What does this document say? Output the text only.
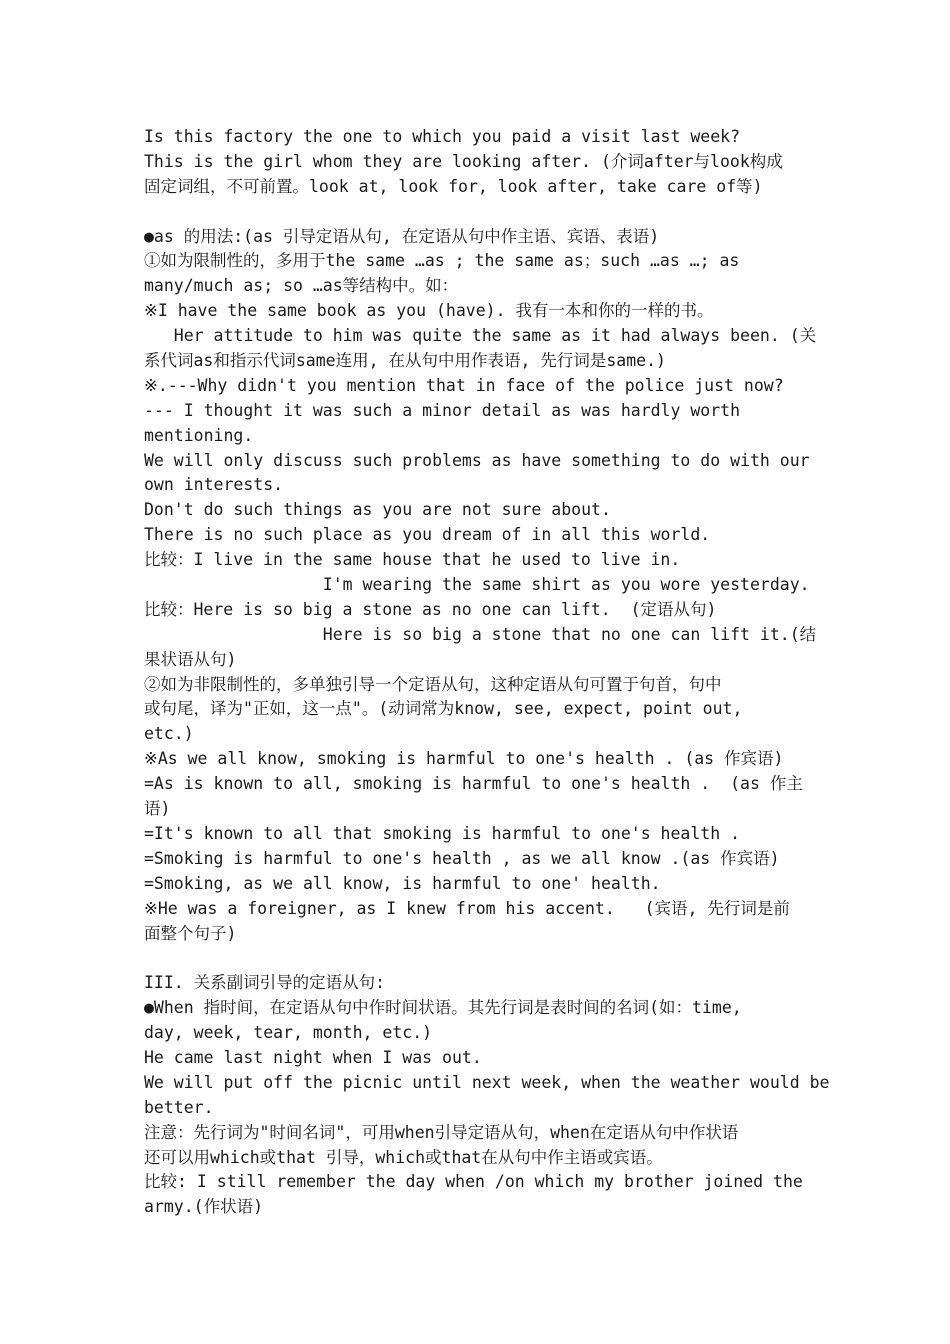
Is this factory the one to which you paid a visit last week?
This is the girl whom they are looking after. (介词after与look构成
固定词组，不可前置。look at, look for, look after, take care of等)
●as 的用法:(as 引导定语从句, 在定语从句中作主语、宾语、表语)
①如为限制性的，多用于the same …as ; the same as；such …as …; as
many/much as; so …as等结构中。如：
※I have the same book as you (have). 我有一本和你的一样的书。
Her attitude to him was quite the same as it had always been. (关
系代词as和指示代词same连用, 在从句中用作表语, 先行词是same.)
※.---Why didn't you mention that in face of the police just now?
--- I thought it was such a minor detail as was hardly worth
mentioning.
We will only discuss such problems as have something to do with our
own interests.
Don't do such things as you are not sure about.
There is no such place as you dream of in all this world.
比较：I live in the same house that he used to live in.
I'm wearing the same shirt as you wore yesterday.
比较：Here is so big a stone as no one can lift.  (定语从句)
Here is so big a stone that no one can lift it.(结
果状语从句)
②如为非限制性的，多单独引导一个定语从句，这种定语从句可置于句首，句中
或句尾，译为"正如，这一点"。(动词常为know, see, expect, point out,
etc.)
※As we all know, smoking is harmful to one's health . (as 作宾语)
=As is known to all, smoking is harmful to one's health .  (as 作主
语)
=It's known to all that smoking is harmful to one's health .
=Smoking is harmful to one's health , as we all know .(as 作宾语)
=Smoking, as we all know, is harmful to one' health.
※He was a foreigner, as I knew from his accent.   (宾语, 先行词是前
面整个句子)
III. 关系副词引导的定语从句:
●When 指时间，在定语从句中作时间状语。其先行词是表时间的名词(如：time,
day, week, tear, month, etc.)
He came last night when I was out.
We will put off the picnic until next week, when the weather would be
better.
注意：先行词为"时间名词"，可用when引导定语从句，when在定语从句中作状语
还可以用which或that 引导，which或that在从句中作主语或宾语。
比较: I still remember the day when /on which my brother joined the
army.(作状语)
